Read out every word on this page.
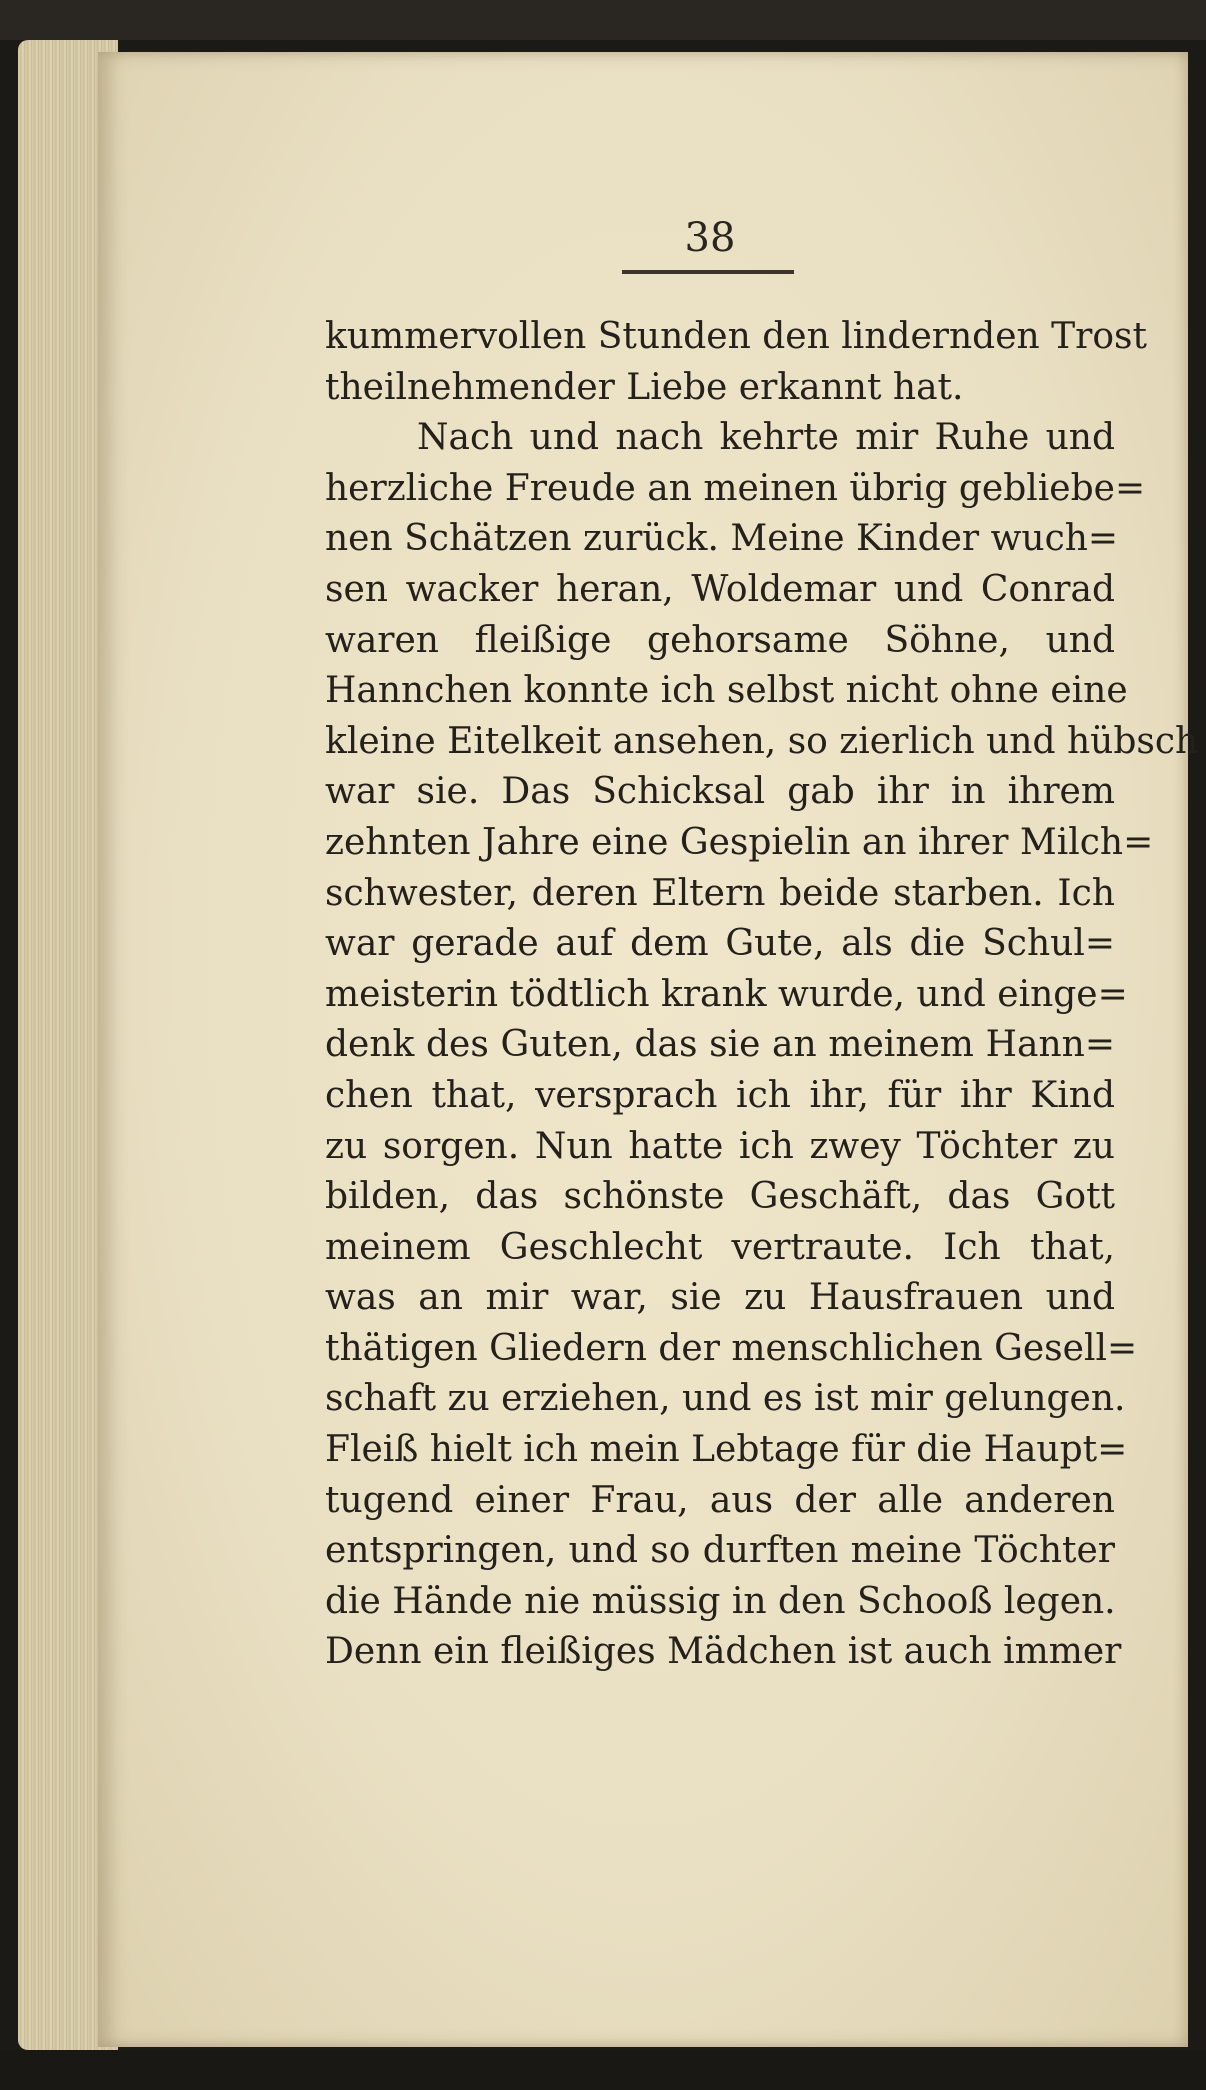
38
kummervollen Stunden den lindernden Trost
theilnehmender Liebe erkannt hat.
Nach und nach kehrte mir Ruhe und
herzliche Freude an meinen übrig gebliebe=
nen Schätzen zurück. Meine Kinder wuch=
sen wacker heran, Woldemar und Conrad
waren fleißige gehorsame Söhne, und
Hannchen konnte ich selbst nicht ohne eine
kleine Eitelkeit ansehen, so zierlich und hübsch
war sie. Das Schicksal gab ihr in ihrem
zehnten Jahre eine Gespielin an ihrer Milch=
schwester, deren Eltern beide starben. Ich
war gerade auf dem Gute, als die Schul=
meisterin tödtlich krank wurde, und einge=
denk des Guten, das sie an meinem Hann=
chen that, versprach ich ihr, für ihr Kind
zu sorgen. Nun hatte ich zwey Töchter zu
bilden, das schönste Geschäft, das Gott
meinem Geschlecht vertraute. Ich that,
was an mir war, sie zu Hausfrauen und
thätigen Gliedern der menschlichen Gesell=
schaft zu erziehen, und es ist mir gelungen.
Fleiß hielt ich mein Lebtage für die Haupt=
tugend einer Frau, aus der alle anderen
entspringen, und so durften meine Töchter
die Hände nie müssig in den Schooß legen.
Denn ein fleißiges Mädchen ist auch immer
